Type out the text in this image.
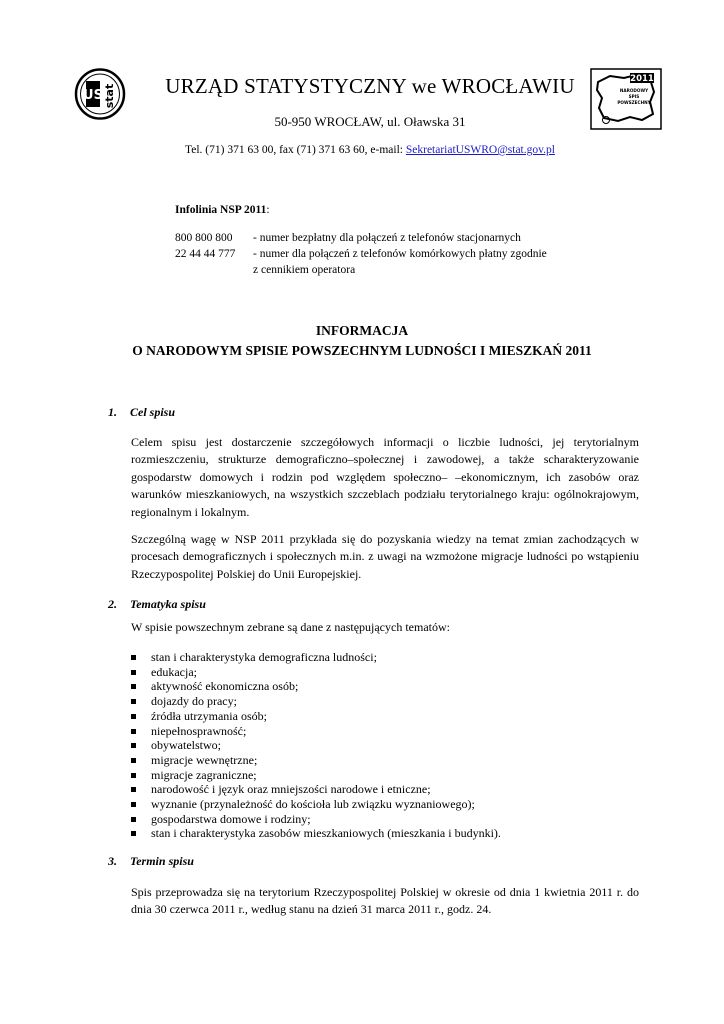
US stat
2011
NARODOWY
SPIS
POWSZECHNY
URZĄD STATYSTYCZNY we WROCŁAWIU
50-950 WROCŁAW, ul. Oławska 31
Tel. (71) 371 63 00, fax (71) 371 63 60, e-mail: SekretariatUSWRO@stat.gov.pl
Infolinia NSP 2011:
800 800 800	- numer bezpłatny dla połączeń z telefonów stacjonarnych
22 44 44 777	- numer dla połączeń z telefonów komórkowych płatny zgodnie
z cennikiem operatora
INFORMACJA
O NARODOWYM SPISIE POWSZECHNYM LUDNOŚCI I MIESZKAŃ 2011
1. Cel spisu
Celem spisu jest dostarczenie szczegółowych informacji o liczbie ludności, jej terytorialnym rozmieszczeniu, strukturze demograficzno–społecznej i zawodowej, a także scharakteryzowanie gospodarstw domowych i rodzin pod względem społeczno– –ekonomicznym, ich zasobów oraz warunków mieszkaniowych, na wszystkich szczeblach podziału terytorialnego kraju: ogólnokrajowym, regionalnym i lokalnym.
Szczególną wagę w NSP 2011 przykłada się do pozyskania wiedzy na temat zmian zachodzących w procesach demograficznych i społecznych m.in. z uwagi na wzmożone migracje ludności po wstąpieniu Rzeczypospolitej Polskiej do Unii Europejskiej.
2. Tematyka spisu
W spisie powszechnym zebrane są dane z następujących tematów:
stan i charakterystyka demograficzna ludności;
edukacja;
aktywność ekonomiczna osób;
dojazdy do pracy;
źródła utrzymania osób;
niepełnosprawność;
obywatelstwo;
migracje wewnętrzne;
migracje zagraniczne;
narodowość i język oraz mniejszości narodowe i etniczne;
wyznanie (przynależność do kościoła lub związku wyznaniowego);
gospodarstwa domowe i rodziny;
stan i charakterystyka zasobów mieszkaniowych (mieszkania i budynki).
3. Termin spisu
Spis przeprowadza się na terytorium Rzeczypospolitej Polskiej w okresie od dnia 1 kwietnia 2011 r. do dnia 30 czerwca 2011 r., według stanu na dzień 31 marca 2011 r., godz. 24.
